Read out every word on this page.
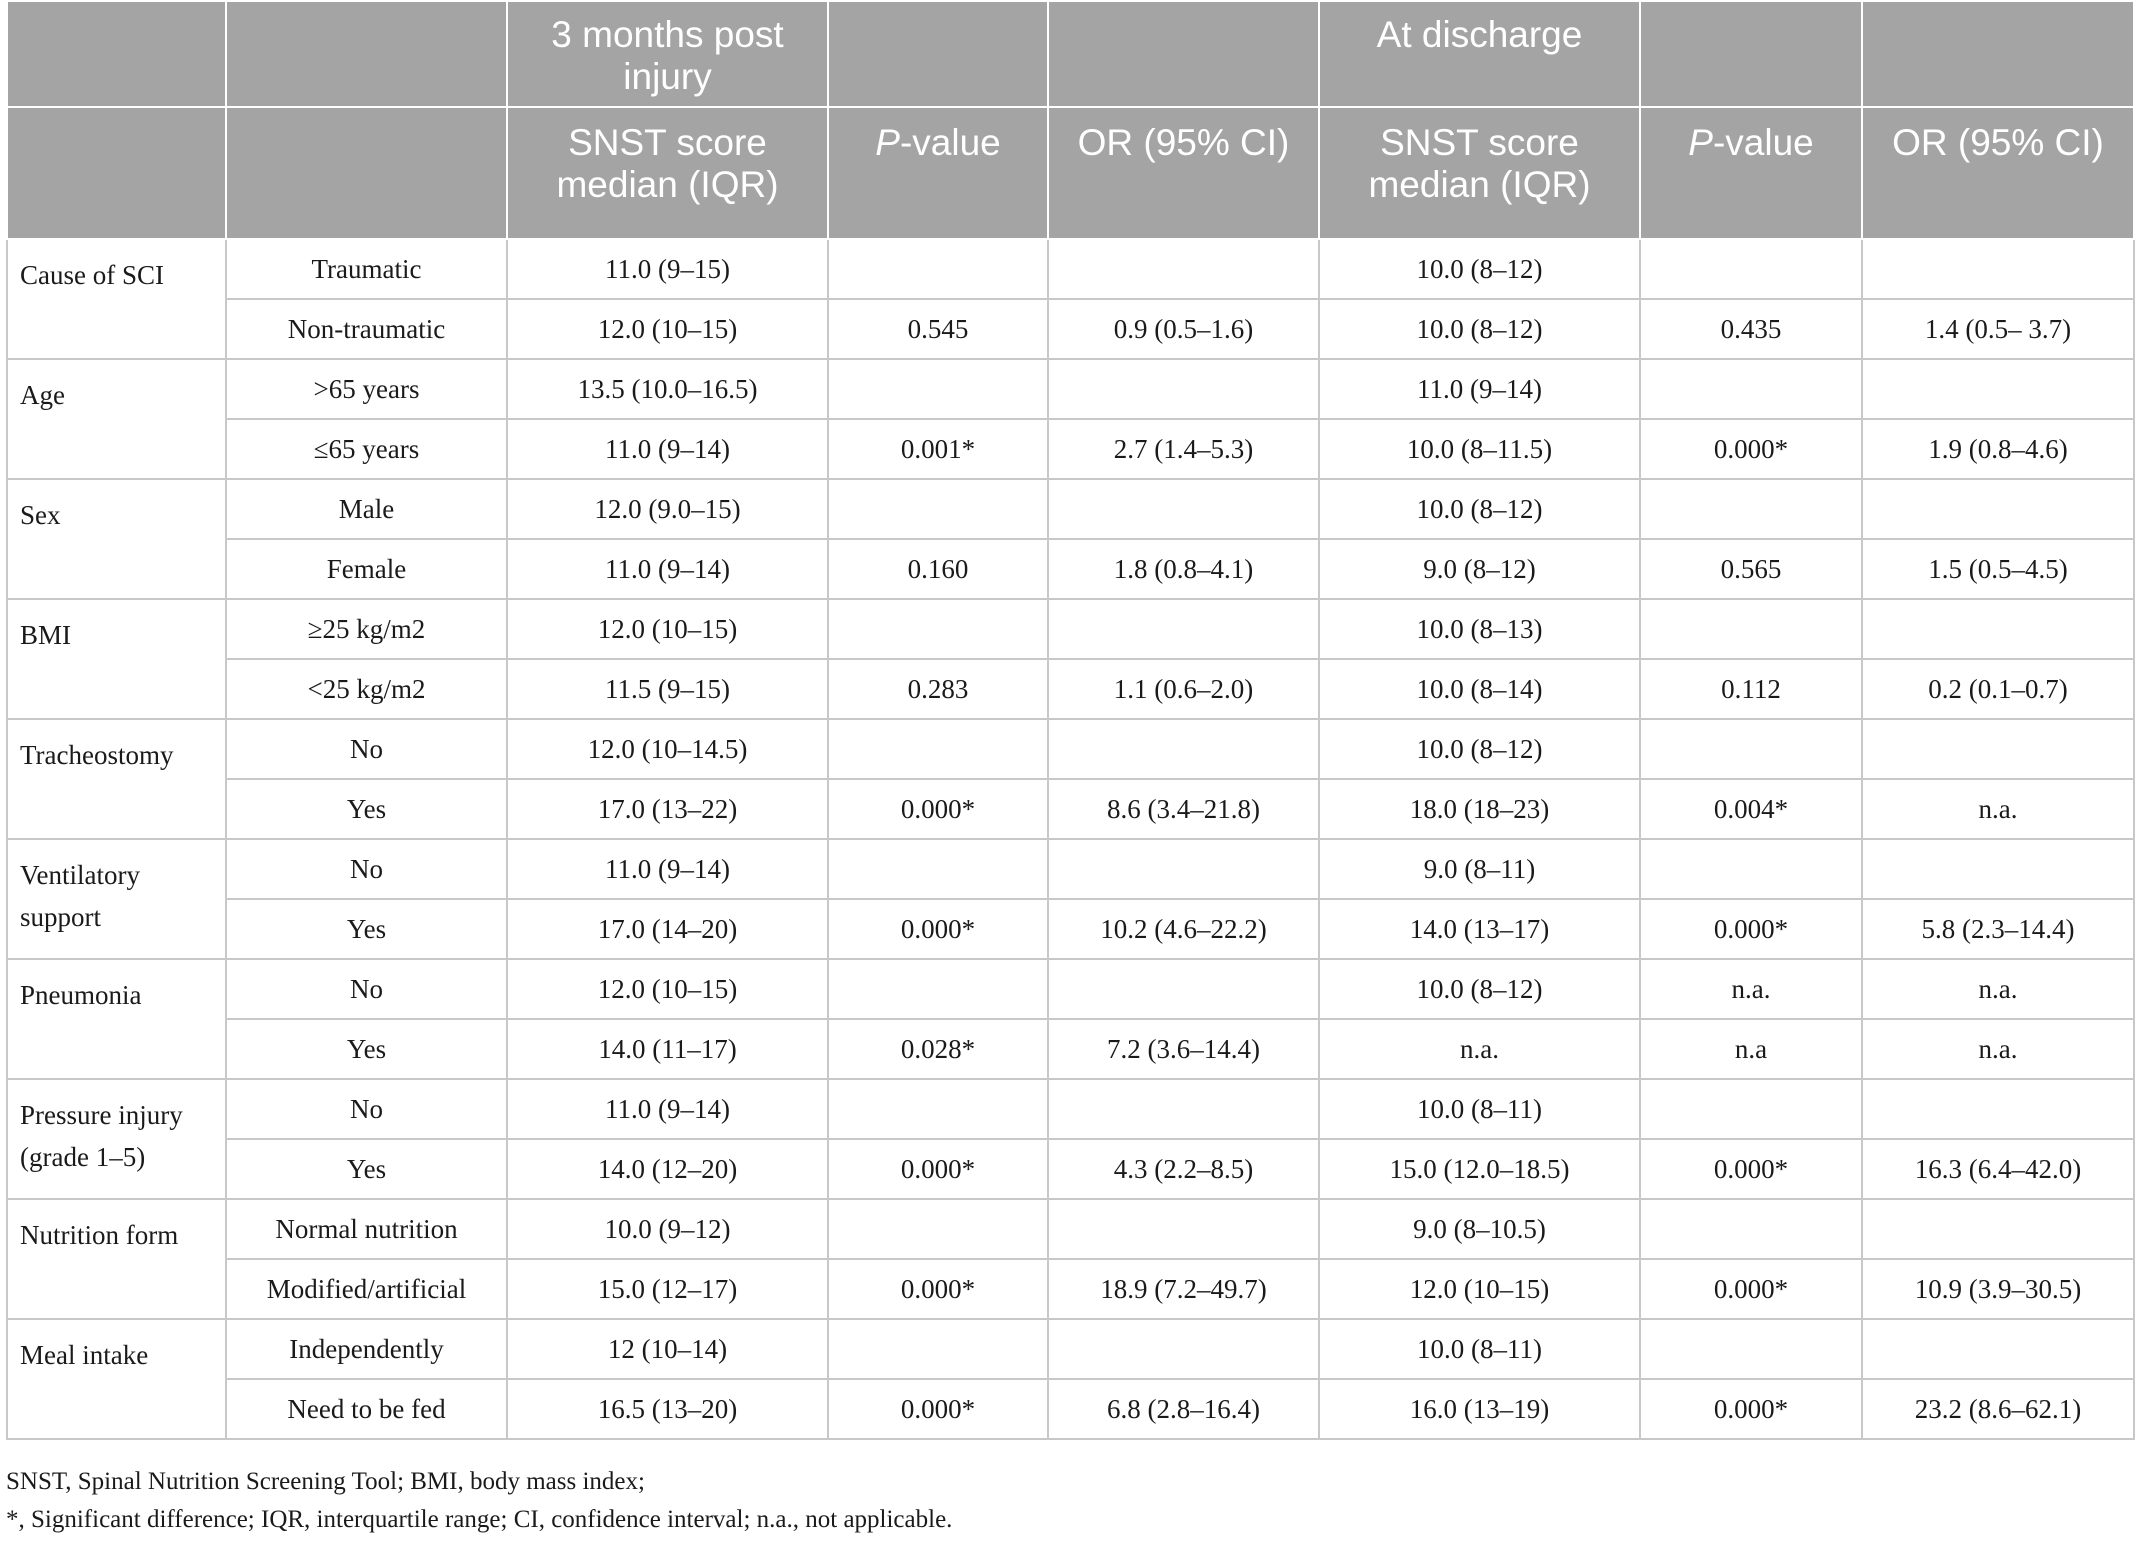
		3 months post injury			At discharge		
		SNST score median (IQR)	P-value	OR (95% CI)	SNST score median (IQR)	P-value	OR (95% CI)
Cause of SCI	Traumatic	11.0 (9–15)			10.0 (8–12)		
	Non-traumatic	12.0 (10–15)	0.545	0.9 (0.5–1.6)	10.0 (8–12)	0.435	1.4 (0.5– 3.7)
Age	>65 years	13.5 (10.0–16.5)			11.0 (9–14)		
	≤65 years	11.0 (9–14)	0.001*	2.7 (1.4–5.3)	10.0 (8–11.5)	0.000*	1.9 (0.8–4.6)
Sex	Male	12.0 (9.0–15)			10.0 (8–12)		
	Female	11.0 (9–14)	0.160	1.8 (0.8–4.1)	9.0 (8–12)	0.565	1.5 (0.5–4.5)
BMI	≥25 kg/m2	12.0 (10–15)			10.0 (8–13)		
	<25 kg/m2	11.5 (9–15)	0.283	1.1 (0.6–2.0)	10.0 (8–14)	0.112	0.2 (0.1–0.7)
Tracheostomy	No	12.0 (10–14.5)			10.0 (8–12)		
	Yes	17.0 (13–22)	0.000*	8.6 (3.4–21.8)	18.0 (18–23)	0.004*	n.a.
Ventilatory support	No	11.0 (9–14)			9.0 (8–11)		
	Yes	17.0 (14–20)	0.000*	10.2 (4.6–22.2)	14.0 (13–17)	0.000*	5.8 (2.3–14.4)
Pneumonia	No	12.0 (10–15)			10.0 (8–12)	n.a.	n.a.
	Yes	14.0 (11–17)	0.028*	7.2 (3.6–14.4)	n.a.	n.a	n.a.
Pressure injury (grade 1–5)	No	11.0 (9–14)			10.0 (8–11)		
	Yes	14.0 (12–20)	0.000*	4.3 (2.2–8.5)	15.0 (12.0–18.5)	0.000*	16.3 (6.4–42.0)
Nutrition form	Normal nutrition	10.0 (9–12)			9.0 (8–10.5)		
	Modified/artificial	15.0 (12–17)	0.000*	18.9 (7.2–49.7)	12.0 (10–15)	0.000*	10.9 (3.9–30.5)
Meal intake	Independently	12 (10–14)			10.0 (8–11)		
	Need to be fed	16.5 (13–20)	0.000*	6.8 (2.8–16.4)	16.0 (13–19)	0.000*	23.2 (8.6–62.1)

SNST, Spinal Nutrition Screening Tool; BMI, body mass index;

*, Significant difference; IQR, interquartile range; CI, confidence interval; n.a., not applicable.
